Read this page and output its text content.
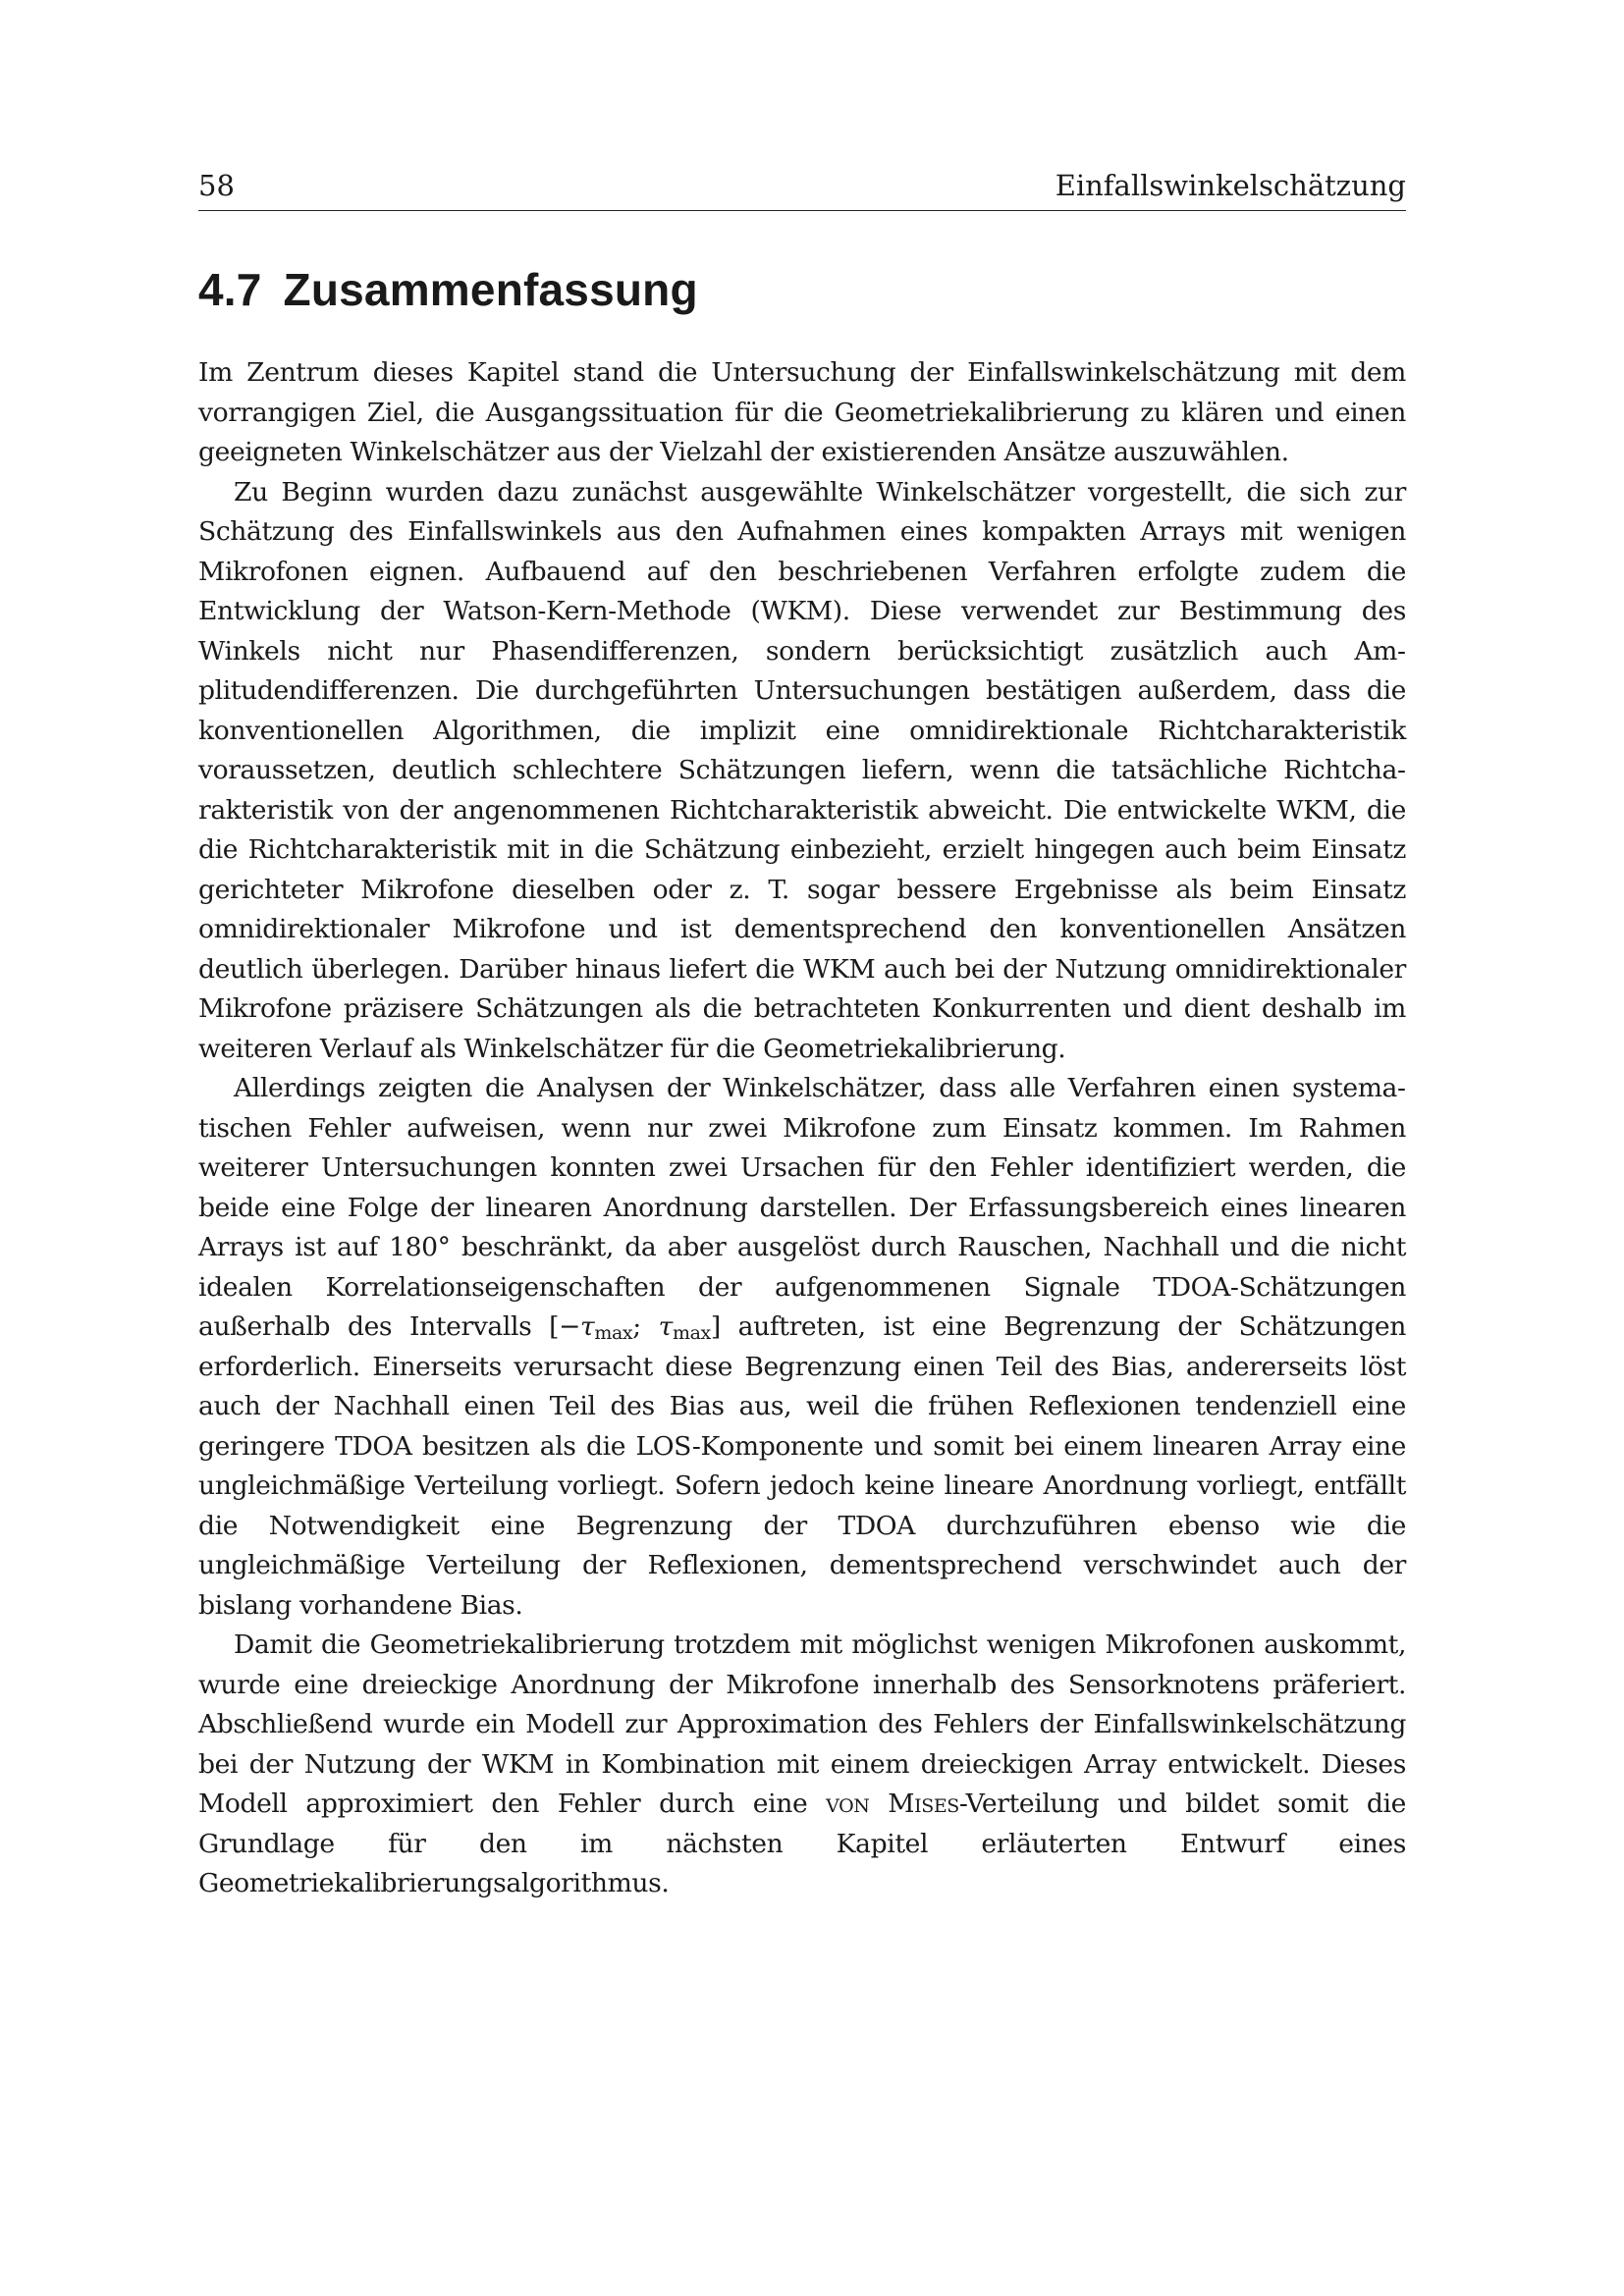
58	Einfallswinkelschätzung
4.7 Zusammenfassung

Im Zentrum dieses Kapitel stand die Untersuchung der Einfallswinkelschätzung mit dem vorrangigen Ziel, die Ausgangssituation für die Geometriekalibrierung zu klären und einen geeigneten Winkelschätzer aus der Vielzahl der existierenden Ansätze auszuwählen.

Zu Beginn wurden dazu zunächst ausgewählte Winkelschätzer vorgestellt, die sich zur Schätzung des Einfallswinkels aus den Aufnahmen eines kompakten Arrays mit wenigen Mikrofonen eignen. Aufbauend auf den beschriebenen Verfahren erfolgte zudem die Entwicklung der Watson-Kern-Methode (WKM). Diese verwendet zur Bestimmung des Winkels nicht nur Phasendifferenzen, sondern berücksichtigt zusätzlich auch Amplitudendifferenzen. Die durchgeführten Untersuchungen bestätigen außerdem, dass die konventionellen Algorithmen, die implizit eine omnidirektionale Richtcharakteristik voraussetzen, deutlich schlechtere Schätzungen liefern, wenn die tatsächliche Richtcharakteristik von der angenommenen Richtcharakteristik abweicht. Die entwickelte WKM, die die Richtcharakteristik mit in die Schätzung einbezieht, erzielt hingegen auch beim Einsatz gerichteter Mikrofone dieselben oder z. T. sogar bessere Ergebnisse als beim Einsatz omnidirektionaler Mikrofone und ist dementsprechend den konventionellen Ansätzen deutlich überlegen. Darüber hinaus liefert die WKM auch bei der Nutzung omnidirektionaler Mikrofone präzisere Schätzungen als die betrachteten Konkurrenten und dient deshalb im weiteren Verlauf als Winkelschätzer für die Geometriekalibrierung.

Allerdings zeigten die Analysen der Winkelschätzer, dass alle Verfahren einen systematischen Fehler aufweisen, wenn nur zwei Mikrofone zum Einsatz kommen. Im Rahmen weiterer Untersuchungen konnten zwei Ursachen für den Fehler identifiziert werden, die beide eine Folge der linearen Anordnung darstellen. Der Erfassungsbereich eines linearen Arrays ist auf 180° beschränkt, da aber ausgelöst durch Rauschen, Nachhall und die nicht idealen Korrelationseigenschaften der aufgenommenen Signale TDOA-Schätzungen außerhalb des Intervalls [−τmax; τmax] auftreten, ist eine Begrenzung der Schätzungen erforderlich. Einerseits verursacht diese Begrenzung einen Teil des Bias, andererseits löst auch der Nachhall einen Teil des Bias aus, weil die frühen Reflexionen tendenziell eine geringere TDOA besitzen als die LOS-Komponente und somit bei einem linearen Array eine ungleichmäßige Verteilung vorliegt. Sofern jedoch keine lineare Anordnung vorliegt, entfällt die Notwendigkeit eine Begrenzung der TDOA durchzuführen ebenso wie die ungleichmäßige Verteilung der Reflexionen, dementsprechend verschwindet auch der bislang vorhandene Bias.

Damit die Geometriekalibrierung trotzdem mit möglichst wenigen Mikrofonen auskommt, wurde eine dreieckige Anordnung der Mikrofone innerhalb des Sensorknotens präferiert. Abschließend wurde ein Modell zur Approximation des Fehlers der Einfallswinkelschätzung bei der Nutzung der WKM in Kombination mit einem dreieckigen Array entwickelt. Dieses Modell approximiert den Fehler durch eine von Mises-Verteilung und bildet somit die Grundlage für den im nächsten Kapitel erläuterten Entwurf eines Geometriekalibrierungsalgorithmus.
